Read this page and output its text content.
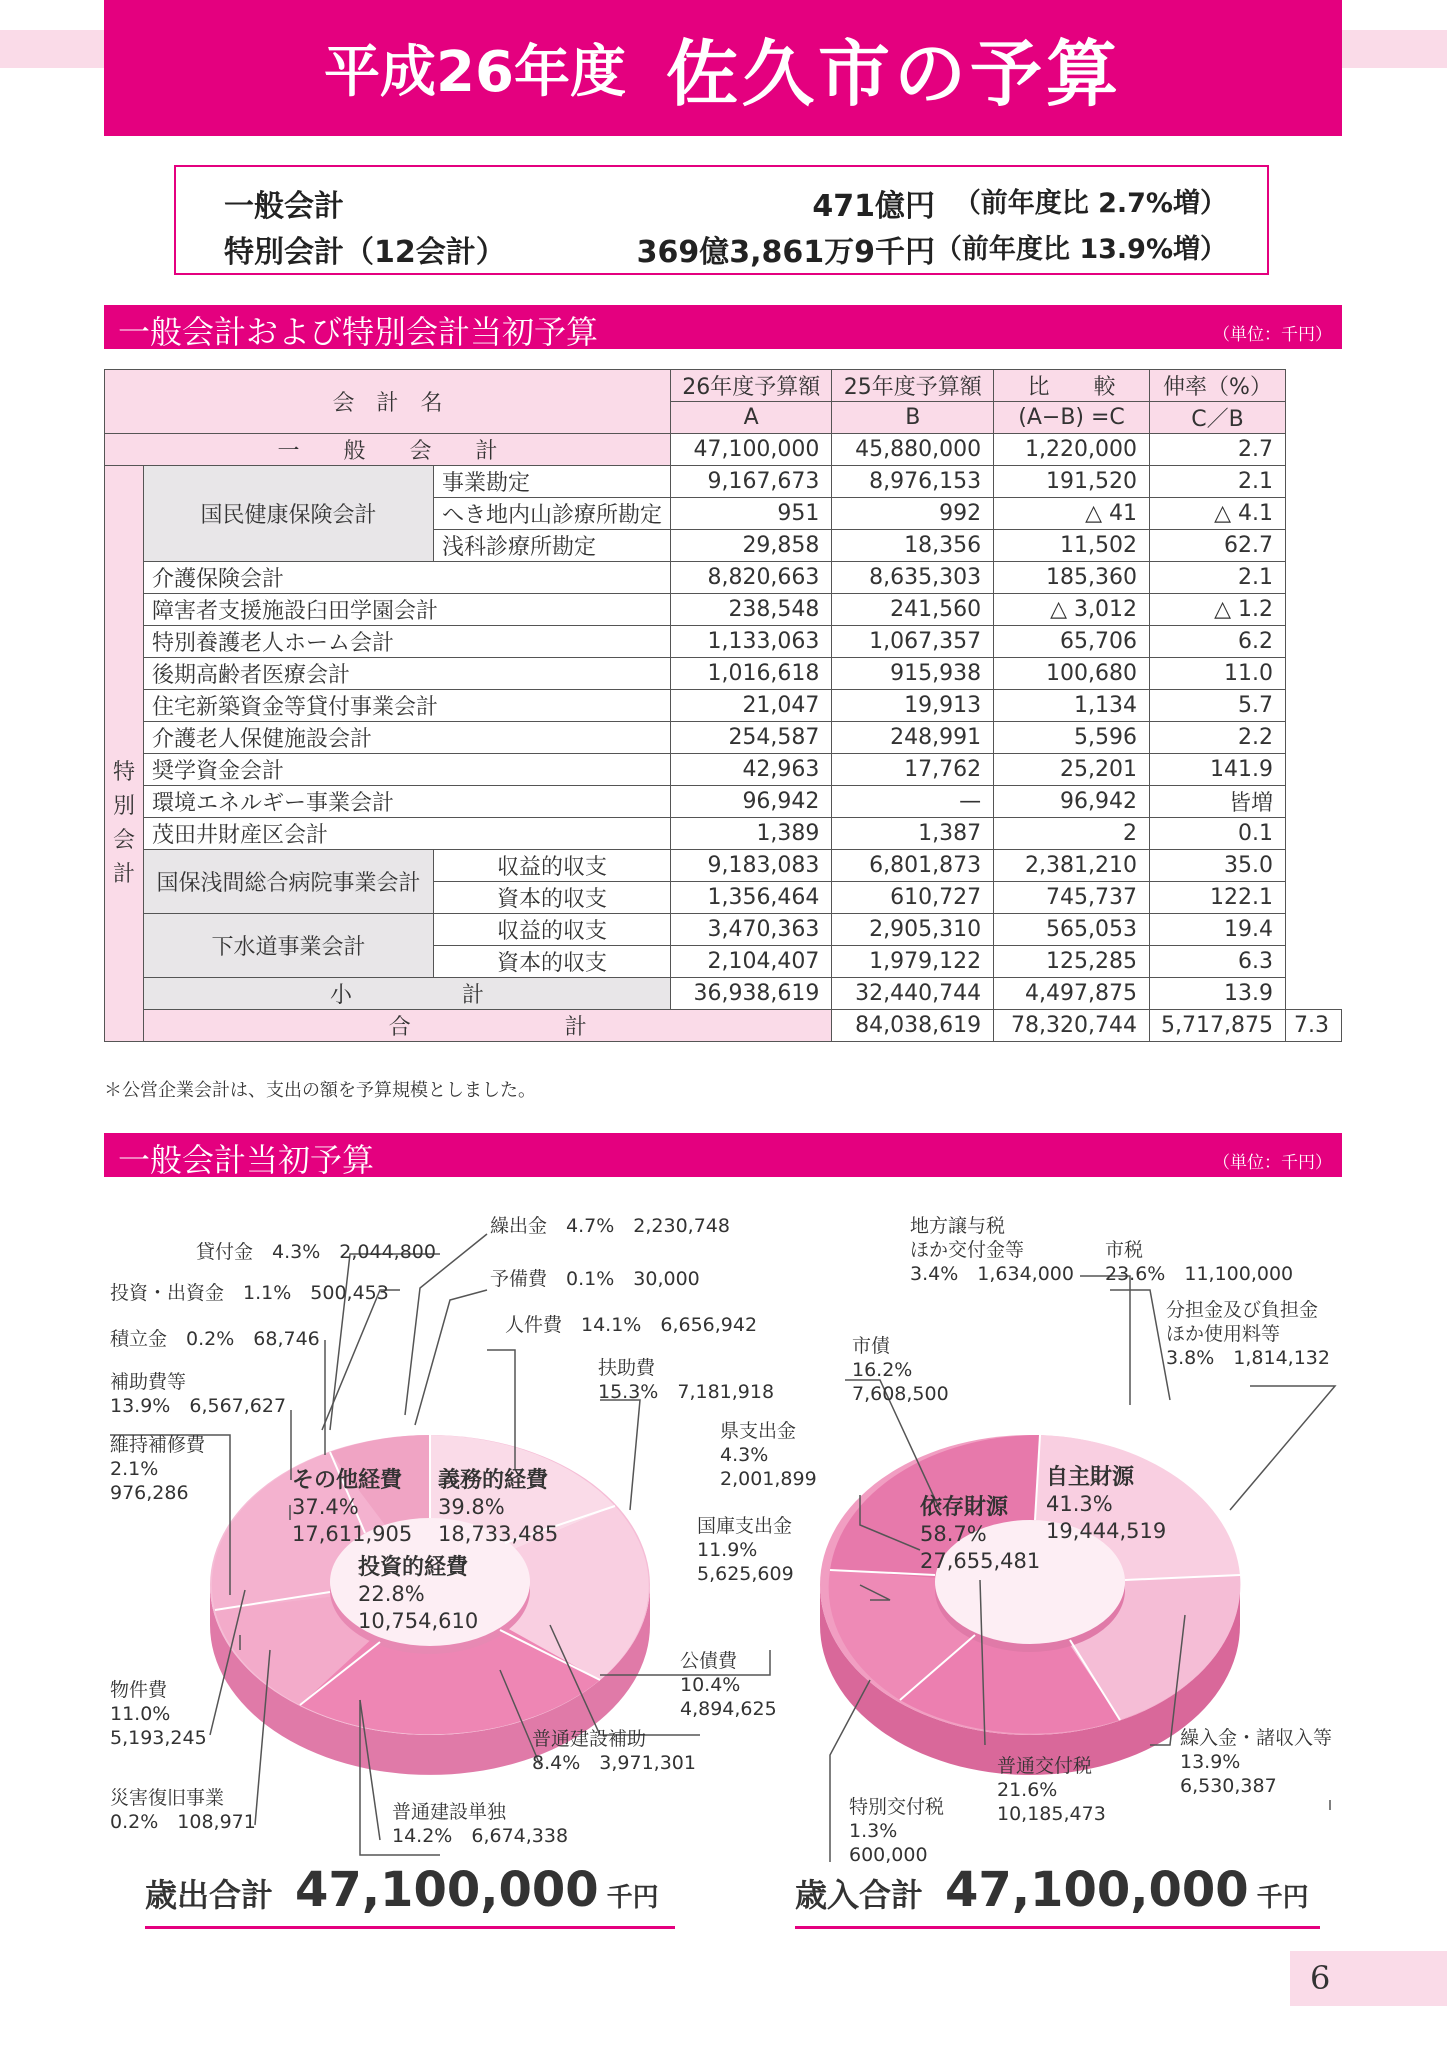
平成26年度 佐久市の予算
一般会計	471億円 （前年度比 2.7%増）
特別会計（12会計）	369億3,861万9千円 （前年度比 13.9%増）
一般会計および特別会計当初予算	（単位：千円）
会　計　名			26年度予算額	25年度予算額	比　　較	伸率（%）	
			A	B	(A−B) =C	C／B	
一　　般　　会　　計			47,100,000	45,880,000	1,220,000	2.7	

特
別
会
計	国民健康保険会計	事業勘定	9,167,673	8,976,153	191,520	2.1	
		へき地内山診療所勘定	951	992	△ 41	△ 4.1	
		浅科診療所勘定	29,858	18,356	11,502	62.7	
	介護保険会計		8,820,663	8,635,303	185,360	2.1	
	障害者支援施設臼田学園会計		238,548	241,560	△ 3,012	△ 1.2	
	特別養護老人ホーム会計		1,133,063	1,067,357	65,706	6.2	
	後期高齢者医療会計		1,016,618	915,938	100,680	11.0	
	住宅新築資金等貸付事業会計		21,047	19,913	1,134	5.7	
	介護老人保健施設会計		254,587	248,991	5,596	2.2	
	奨学資金会計		42,963	17,762	25,201	141.9	
	環境エネルギー事業会計		96,942	—	96,942	皆増	
	茂田井財産区会計		1,389	1,387	2	0.1	
	国保浅間総合病院事業会計	収益的収支	9,183,083	6,801,873	2,381,210	35.0	
		資本的収支	1,356,464	610,727	745,737	122.1	
	下水道事業会計	収益的収支	3,470,363	2,905,310	565,053	19.4	
		資本的収支	2,104,407	1,979,122	125,285	6.3	
	小　　　　　計		36,938,619	32,440,744	4,497,875	13.9	
	合　　　　　　　計			84,038,619	78,320,744	5,717,875	7.3
＊公営企業会計は、支出の額を予算規模としました。
一般会計当初予算	（単位：千円）
繰出金　4.7%　2,230,748
貸付金　4.3%　2,044,800
予備費　0.1%　30,000
投資・出資金　1.1%　500,453
人件費　14.1%　6,656,942
積立金　0.2%　68,746
扶助費
15.3%　7,181,918
補助費等
13.9%　6,567,627
維持補修費
2.1%
976,286	その他経費
37.4%
17,611,905
義務的経費
39.8%
18,733,485
投資的経費
22.8%
10,754,610
公債費
10.4%
4,894,625
物件費
11.0%
5,193,245	普通建設補助
8.4%　3,971,301
災害復旧事業
0.2%　108,971	普通建設単独
14.2%　6,674,338
地方譲与税
ほか交付金等
3.4%　1,634,000
市税
23.6%　11,100,000
分担金及び負担金
ほか使用料等
3.8%　1,814,132
市債
16.2%
7,608,500
県支出金
4.3%
2,001,899	自主財源
41.3%
19,444,519
依存財源
58.7%
27,655,481
国庫支出金
11.9%
5,625,609
繰入金・諸収入等
13.9%
6,530,387
普通交付税
21.6%
10,185,473
特別交付税
1.3%
600,000
歳出合計 47,100,000 千円	歳入合計 47,100,000 千円
6
